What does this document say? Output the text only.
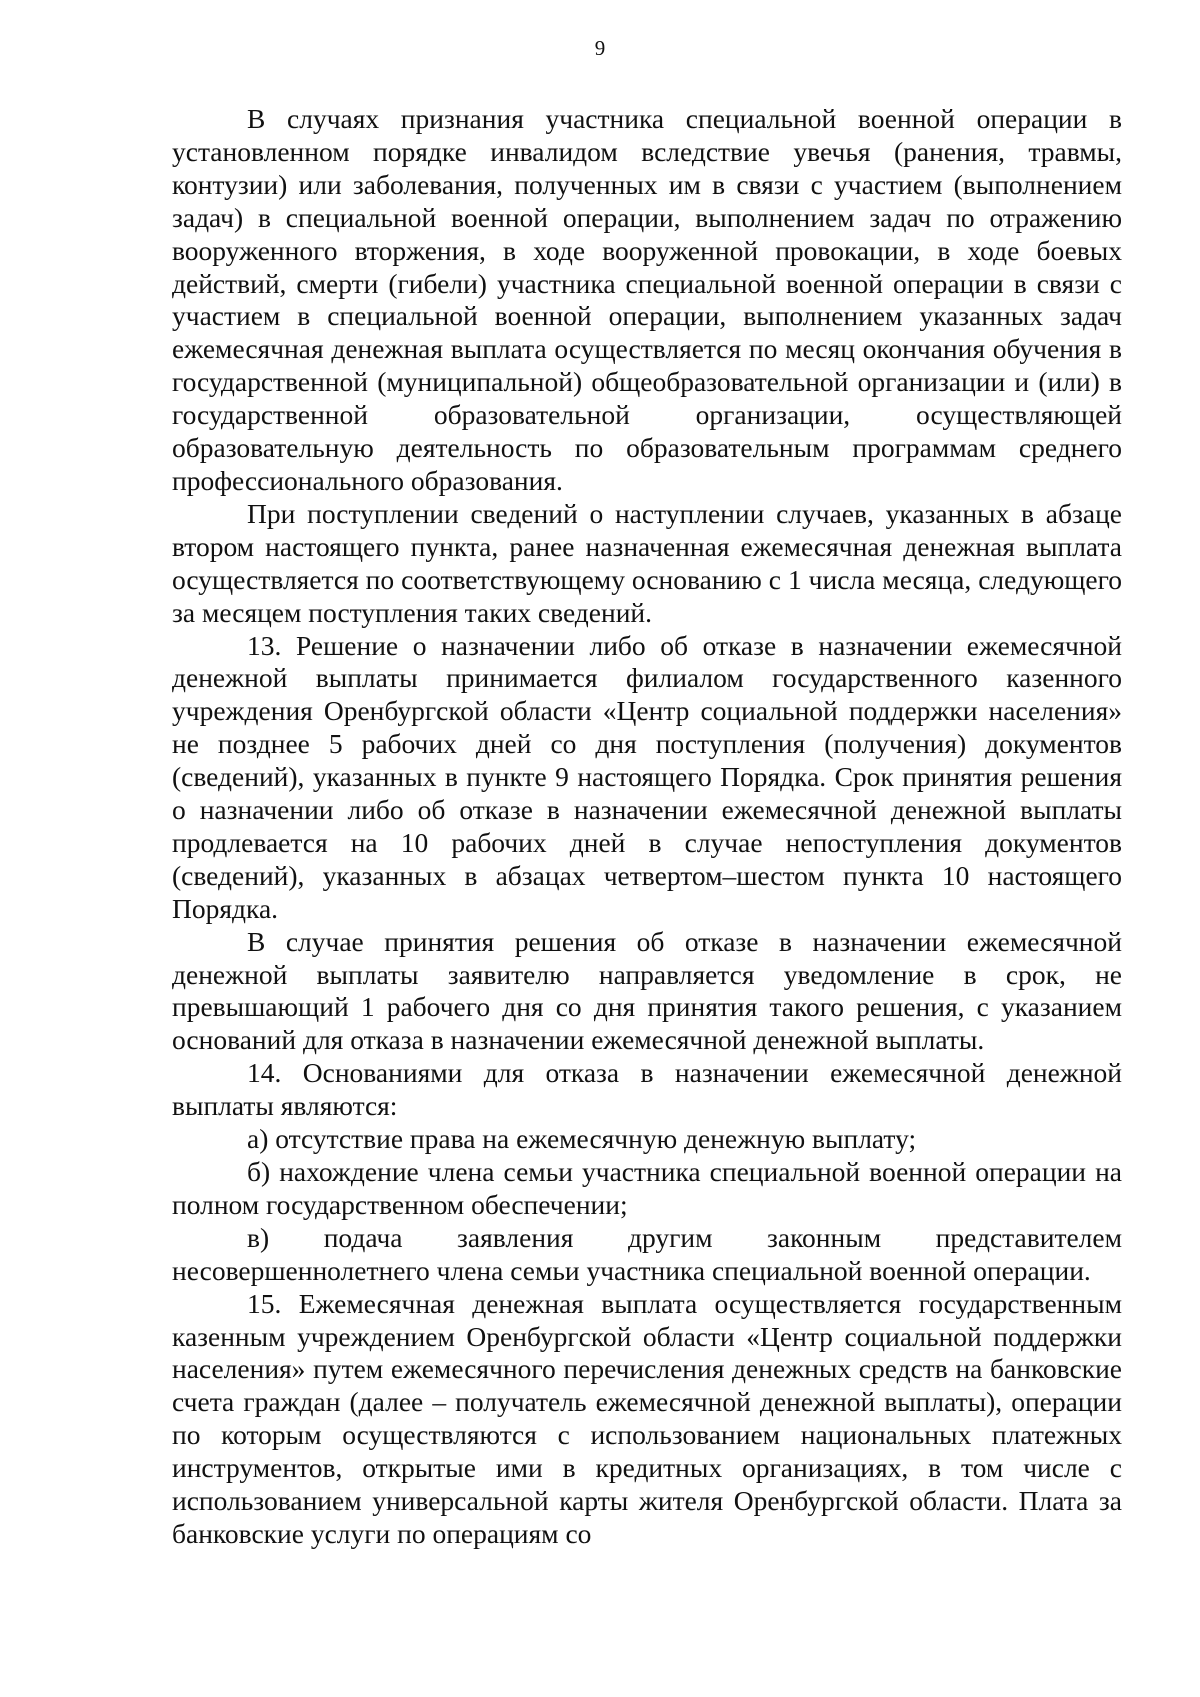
9

В случаях признания участника специальной военной операции в установленном порядке инвалидом вследствие увечья (ранения, травмы, контузии) или заболевания, полученных им в связи с участием (выполнением задач) в специальной военной операции, выполнением задач по отражению вооруженного вторжения, в ходе вооруженной провокации, в ходе боевых действий, смерти (гибели) участника специальной военной операции в связи с участием в специальной военной операции, выполнением указанных задач ежемесячная денежная выплата осуществляется по месяц окончания обучения в государственной (муниципальной) общеобразовательной организации и (или) в государственной образовательной организации, осуществляющей образовательную деятельность по образовательным программам среднего профессионального образования.

При поступлении сведений о наступлении случаев, указанных в абзаце втором настоящего пункта, ранее назначенная ежемесячная денежная выплата осуществляется по соответствующему основанию с 1 числа месяца, следующего за месяцем поступления таких сведений.

13. Решение о назначении либо об отказе в назначении ежемесячной денежной выплаты принимается филиалом государственного казенного учреждения Оренбургской области «Центр социальной поддержки населения» не позднее 5 рабочих дней со дня поступления (получения) документов (сведений), указанных в пункте 9 настоящего Порядка. Срок принятия решения о назначении либо об отказе в назначении ежемесячной денежной выплаты продлевается на 10 рабочих дней в случае непоступления документов (сведений), указанных в абзацах четвертом–шестом пункта 10 настоящего Порядка.

В случае принятия решения об отказе в назначении ежемесячной денежной выплаты заявителю направляется уведомление в срок, не превышающий 1 рабочего дня со дня принятия такого решения, с указанием оснований для отказа в назначении ежемесячной денежной выплаты.

14. Основаниями для отказа в назначении ежемесячной денежной выплаты являются:

а) отсутствие права на ежемесячную денежную выплату;

б) нахождение члена семьи участника специальной военной операции на полном государственном обеспечении;

в) подача заявления другим законным представителем несовершеннолетнего члена семьи участника специальной военной операции.

15. Ежемесячная денежная выплата осуществляется государственным казенным учреждением Оренбургской области «Центр социальной поддержки населения» путем ежемесячного перечисления денежных средств на банковские счета граждан (далее – получатель ежемесячной денежной выплаты), операции по которым осуществляются с использованием национальных платежных инструментов, открытые ими в кредитных организациях, в том числе с использованием универсальной карты жителя Оренбургской области. Плата за банковские услуги по операциям со
